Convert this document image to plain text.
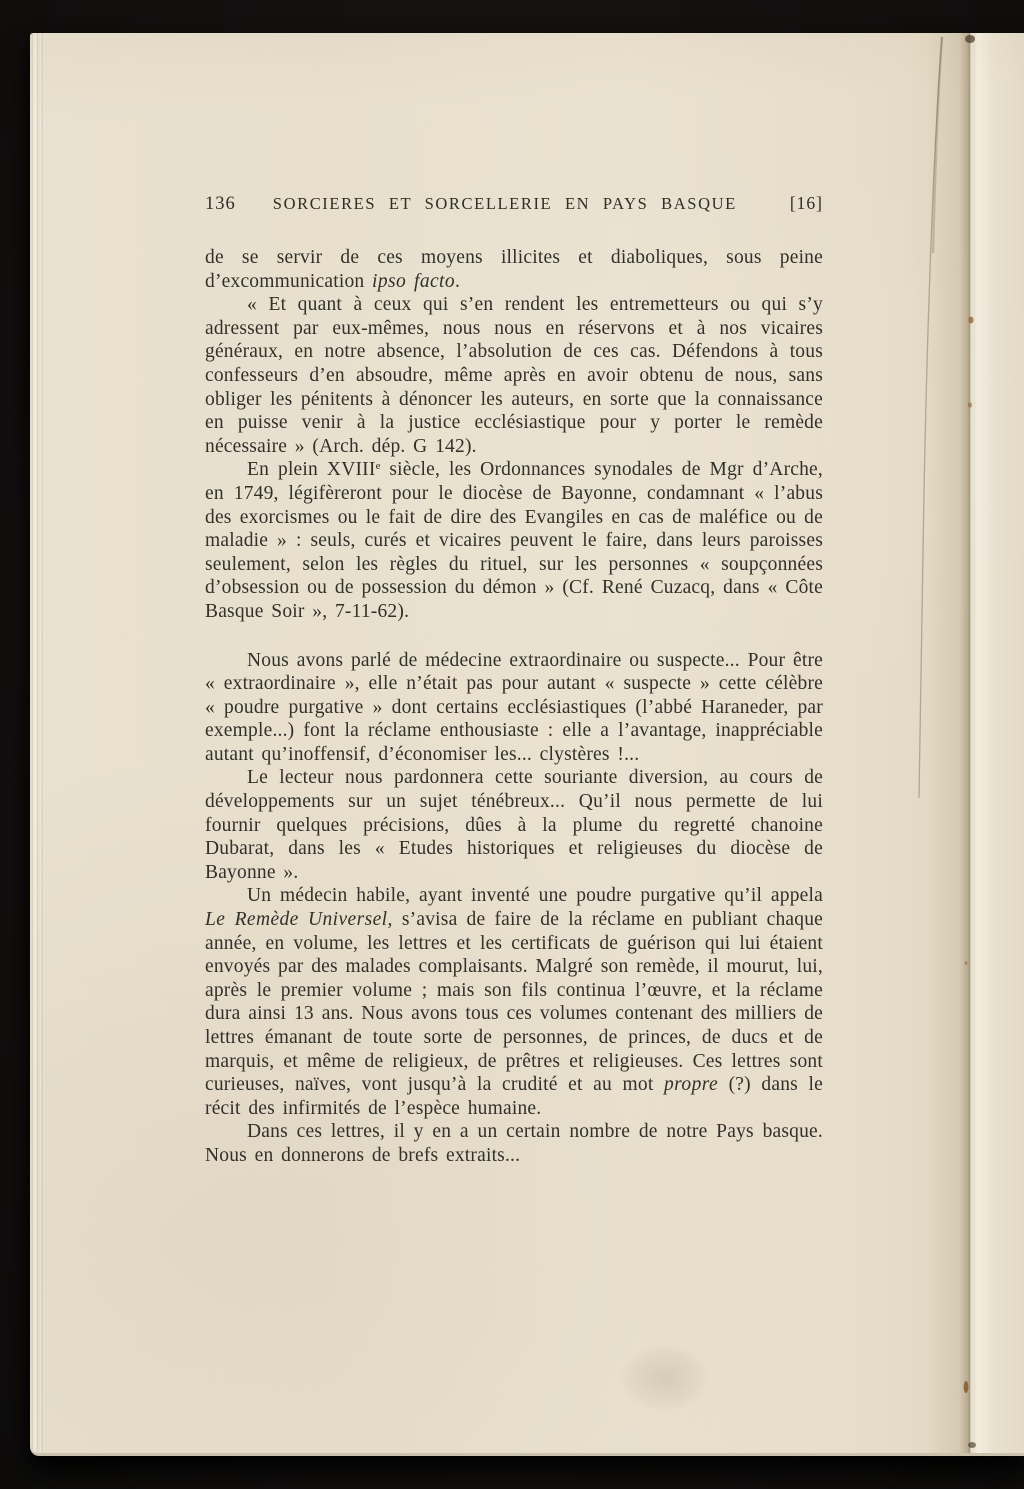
136 SORCIERES ET SORCELLERIE EN PAYS BASQUE	[16]

de se servir de ces moyens illicites et diaboliques, sous peine d’excommunication ipso facto.

« Et quant à ceux qui s’en rendent les entremetteurs ou qui s’y adressent par eux-mêmes, nous nous en réservons et à nos vicaires généraux, en notre absence, l’absolution de ces cas. Défendons à tous confesseurs d’en absoudre, même après en avoir obtenu de nous, sans obliger les pénitents à dénoncer les auteurs, en sorte que la connaissance en puisse venir à la justice ecclésiastique pour y porter le remède nécessaire » (Arch. dép. G 142).

En plein XVIIIe siècle, les Ordonnances synodales de Mgr d’Arche, en 1749, légifèreront pour le diocèse de Bayonne, condamnant « l’abus des exorcismes ou le fait de dire des Evangiles en cas de maléfice ou de maladie » : seuls, curés et vicaires peuvent le faire, dans leurs paroisses seulement, selon les règles du rituel, sur les personnes « soupçonnées d’obsession ou de possession du démon » (Cf. René Cuzacq, dans « Côte Basque Soir », 7-11-62).

Nous avons parlé de médecine extraordinaire ou suspecte... Pour être « extraordinaire », elle n’était pas pour autant « suspecte » cette célèbre « poudre purgative » dont certains ecclésiastiques (l’abbé Haraneder, par exemple...) font la réclame enthousiaste : elle a l’avantage, inappréciable autant qu’inoffensif, d’économiser les... clystères !...

Le lecteur nous pardonnera cette souriante diversion, au cours de développements sur un sujet ténébreux... Qu’il nous permette de lui fournir quelques précisions, dûes à la plume du regretté chanoine Dubarat, dans les « Etudes historiques et religieuses du diocèse de Bayonne ».

Un médecin habile, ayant inventé une poudre purgative qu’il appela Le Remède Universel, s’avisa de faire de la réclame en publiant chaque année, en volume, les lettres et les certificats de guérison qui lui étaient envoyés par des malades complaisants. Malgré son remède, il mourut, lui, après le premier volume ; mais son fils continua l’œuvre, et la réclame dura ainsi 13 ans. Nous avons tous ces volumes contenant des milliers de lettres émanant de toute sorte de personnes, de princes, de ducs et de marquis, et même de religieux, de prêtres et religieuses. Ces lettres sont curieuses, naïves, vont jusqu’à la crudité et au mot propre (?) dans le récit des infirmités de l’espèce humaine.

Dans ces lettres, il y en a un certain nombre de notre Pays basque. Nous en donnerons de brefs extraits...
